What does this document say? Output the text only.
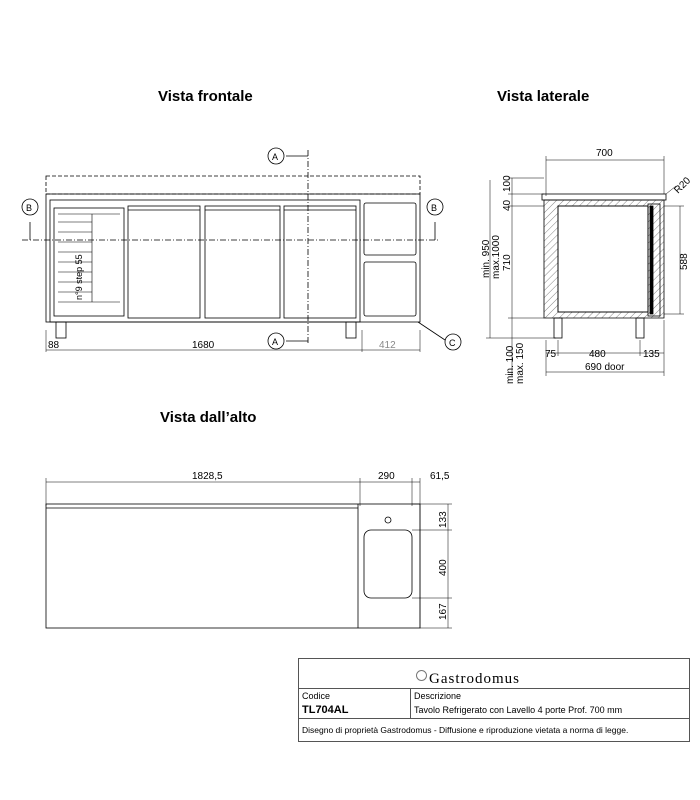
Vista frontale	Vista laterale
Vista dall’alto
A
A
B	B
C
n°9 step 55
88	1680	412
700
R20
100
40
min. 950 max.1000 710	588
min. 100 max. 150 75	480	135
690 door
1828,5	290	61,5
133
400
167
Gastrodomus
Codice
TL704AL
Descrizione
Tavolo Refrigerato con Lavello 4 porte Prof. 700 mm
Disegno di proprietà Gastrodomus - Diffusione e riproduzione vietata a norma di legge.
